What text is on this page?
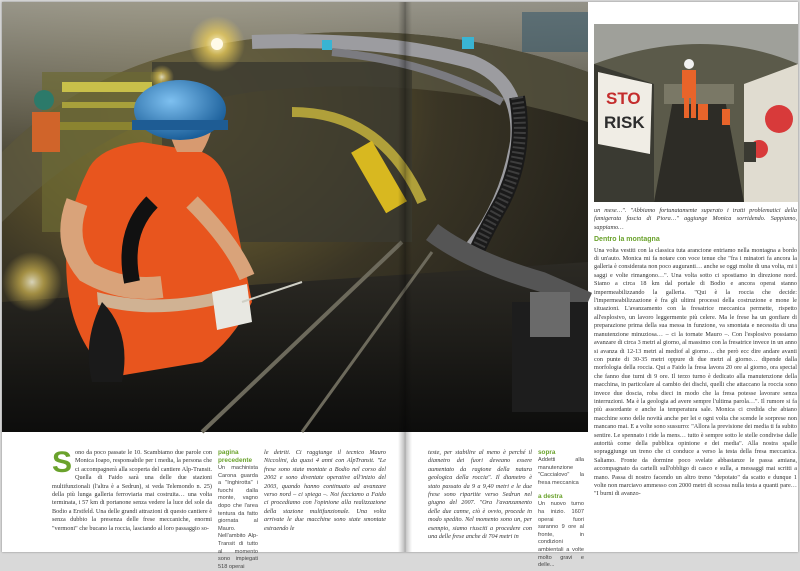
STO
RISK
S ono da poco passate le 10. Scambiamo due parole con Monica Ioapo, responsabile per i media, la persona che ci accompagnerà alla scoperta del cantiere Alp-Transit. Quella di Faido sarà una delle due stazioni multifunzionali (l'altra è a Sedrun), si veda Telemondo n. 25) della più lunga galleria ferroviaria mai costruita… una volta terminata, i 57 km di portanone senza vedere la luce del sole da Bodio a Erstfeld. Una delle grandi attrazioni di questo cantiere è senza dubbio la presenza delle frese meccaniche, enormi "vermoni" che bucano la roccia, lasciando al loro passaggio so-

pagina precedente
Un machinista Carona guarda a "Inghirotta" i fuochi dalla monte, vagno dopo che l'area tentura da fatto giornata al Mauro. Nell'ambito Alp-Transit di tutto al momento sono impiegati 518 operai

le detriti. Ci raggiunge il tecnico Mauro Niccolini, da quasi 4 anni con AlpTransit. "Le frese sono state montate a Bodio nel corso del 2002 e sono diventate operative all'inizio del 2003, quando hanno continuato ad avanzare verso nord – ci spiega –. Noi facciamo a Faido ci procediamo con l'opinione alla realizzazione della stazione multifunzionale. Una volta arrivate le due macchine sono state smontate estraendo le

teste, per stabilire al meno è perché il diametro dei fuori deveano essere aumentato da ragione della natura geologica della roccia". Il diametro è stato passato da 9 a 9,40 metri e le due frese sono ripartite verso Sedrun nel giugno del 2007. "Ora l'avanzamento delle due canne, ciò è ovvio, procede in modo spedito. Nel momento sono un, per esempio, siamo riusciti a procedere con una delle frese anche di 704 metri in

sopra
Addetti alla manutenzione "Caccialovo" la fresa meccanica
a destra
Un nuovo turno ha inizio. 1607 operai fuori saranno 9 ore al fronte, in condizioni ambientali a volte molto gravi e delle...

un mese…". "Abbiamo fortunatamente superato i tratti problematici della famigerata fascia di Piora…" aggiunge Monica sorridendo. Sappiamo, sappiamo…

Dentro la montagna

Una volta vestiti con la classica tuta arancione entriamo nella montagna a bordo di un'auto. Monica mi fa notare con voce tenue che "fra i minatori fa ancora la galleria è considerata non poco auguranti… anche se oggi molte di una volta, mi i saggi e volte rimangono…". Una volta sotto ci spostiamo in direzione nord. Siamo a circa 18 km dal portale di Bodio e ancora operai stanno impermeabilizzando la galleria. "Qui è la roccia che decide: l'impermeabilizzazione è fra gli ultimi processi della costruzione e mone le situazioni. L'avanzamento con la fresatrice meccanica permette, rispetto all'esplosivo, un lavoro leggermente più celere. Ma le frese ha un gonfiare di preparazione prima della sua messa in funzione, va smontata e necessita di una manutenzione minuziosa… – ci la tornate Mauro –. Con l'esplosivo possiamo avanzare di circa 3 metri al giorno, al massimo con la fresatrice invece in un anno si avanza di 12-13 metri al mediof al giorno… che però ecc dire andare avanti con punte di 30-35 metri oppure di due metri al giorno… dipende dalla morfologia della roccia. Qui a Faido la fresa lavora 20 ore al giorno, ora special che fanno due turni di 9 ore. Il terzo turno è dedicato alla manutenzione della macchina, in particolare al cambio dei dischi, quelli che attaccano la roccia sono invece due doscia, roba dieci in modo che la fresa potesse lavorare senza interruzioni. Ma è la geologia ad avere sempre l'ultima parola…". Il rumore si fa più assordante e anche la temperatura sale. Monica ci credida che abiano macchine sono delle novità anche per lei e ogni volta che scende le sorprese non mancano mai. E a volte sono sussurro: "Allora la previsione dei media ti fa subito sentire. Le spennato i ride la mens… tutto è sempre sotto le stelle condivise dalle autorità come della pubblica opinione e dei media". Alla nostra spalle sopraggiunge un treno che ci conduce a verso la testa della fresa meccanica. Saliamo. Fronte da dormine poco svelate abbastanze le passa amiana, accompagnato da cartelli sull'obbligo di casco e sulla, a messaggi mai scritti a mano. Passa di nostro facendo un altro treno "depotato" da scatto e dunque 1 volte non marciavo ammesso con 2000 metri di scossa nulla testa a quanti pare… "I burni di avanzo-
